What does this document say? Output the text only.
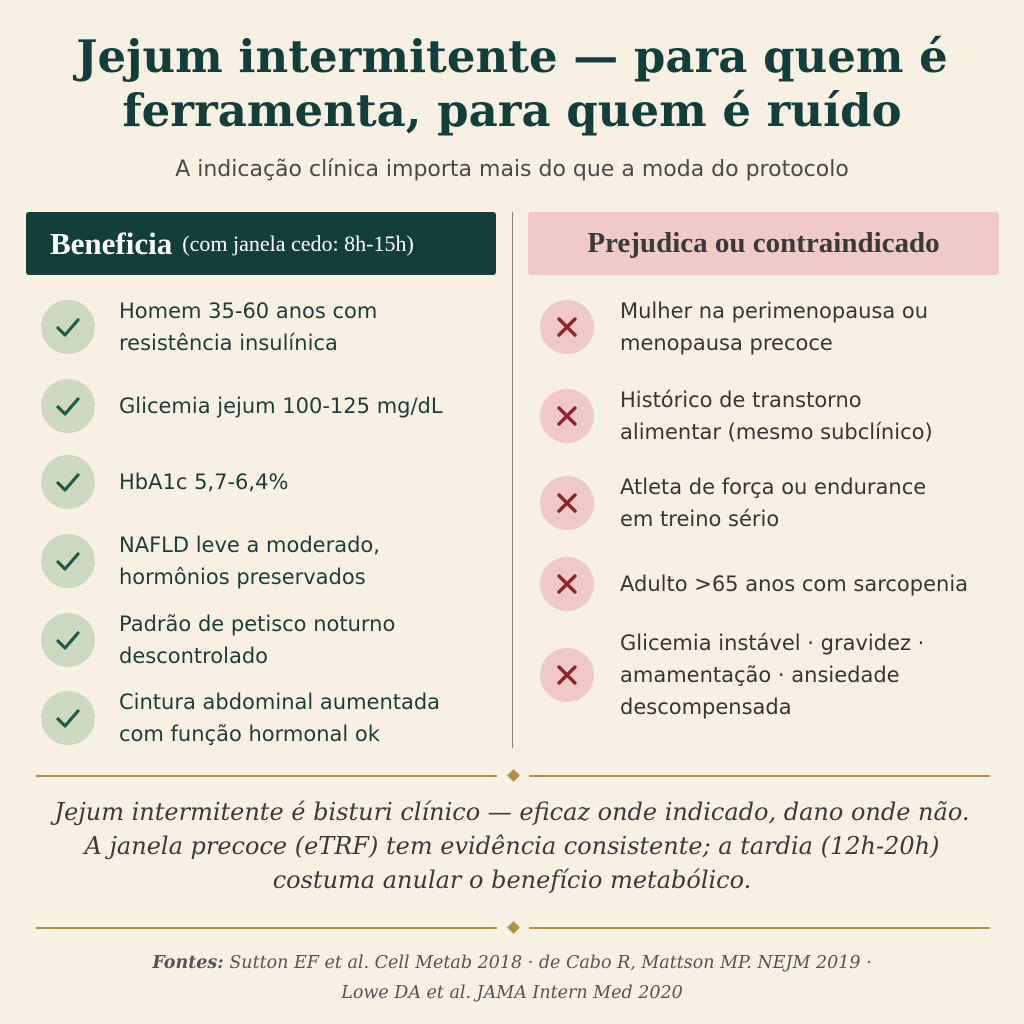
Jejum intermitente — para quem é
ferramenta, para quem é ruído
A indicação clínica importa mais do que a moda do protocolo
Beneficia (com janela cedo: 8h-15h)	Prejudica ou contraindicado
Homem 35-60 anos com
resistência insulínica
Glicemia jejum 100-125 mg/dL
HbA1c 5,7-6,4%
NAFLD leve a moderado,
hormônios preservados
Padrão de petisco noturno
descontrolado
Cintura abdominal aumentada
com função hormonal ok
Mulher na perimenopausa ou
menopausa precoce
Histórico de transtorno
alimentar (mesmo subclínico)
Atleta de força ou endurance
em treino sério
Adulto >65 anos com sarcopenia
Glicemia instável · gravidez ·
amamentação · ansiedade
descompensada
Jejum intermitente é bisturi clínico — eficaz onde indicado, dano onde não.
A janela precoce (eTRF) tem evidência consistente; a tardia (12h-20h)
costuma anular o benefício metabólico.
Fontes: Sutton EF et al. Cell Metab 2018 · de Cabo R, Mattson MP. NEJM 2019 ·
Lowe DA et al. JAMA Intern Med 2020
